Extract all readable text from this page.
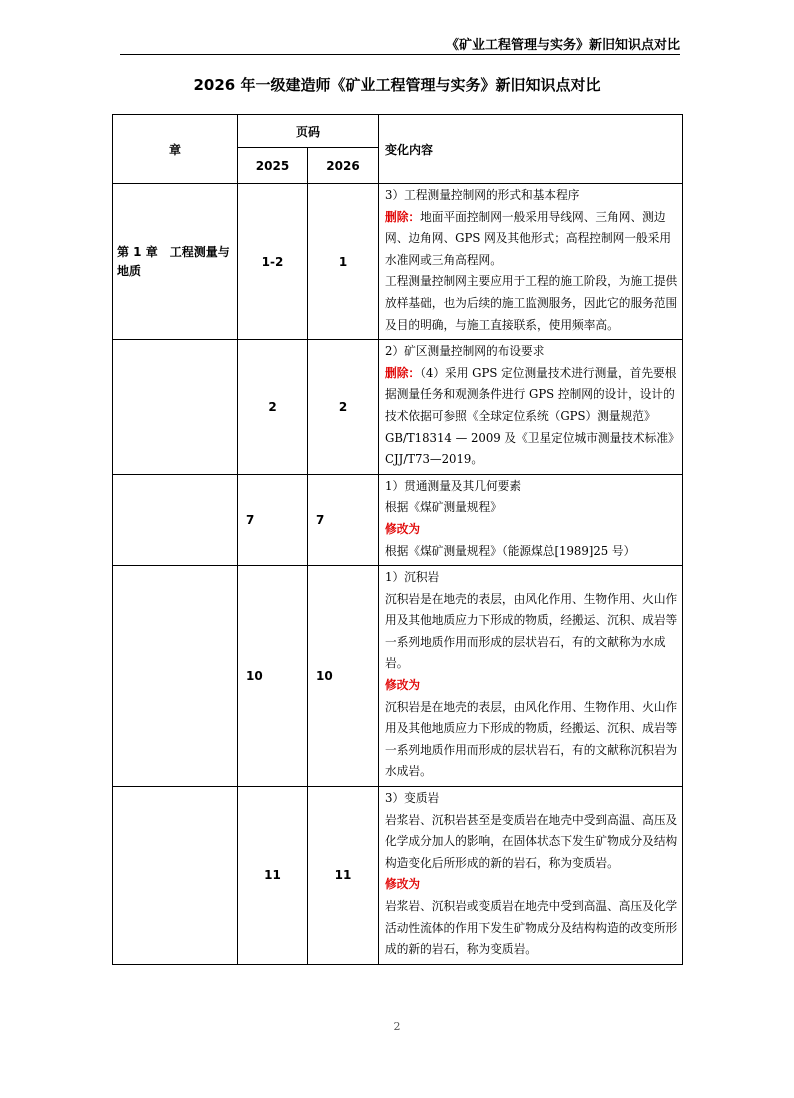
《矿业工程管理与实务》新旧知识点对比
2026 年一级建造师《矿业工程管理与实务》新旧知识点对比
章	页码		变化内容
	2025	2026	
第 1 章　工程测量与地质	1-2	1	3）工程测量控制网的形式和基本程序

删除：地面平面控制网一般采用导线网、三角网、测边网、边角网、GPS 网及其他形式；高程控制网一般采用水准网或三角高程网。

工程测量控制网主要应用于工程的施工阶段，为施工提供放样基础，也为后续的施工监测服务，因此它的服务范围及目的明确，与施工直接联系，使用频率高。

	2	2	2）矿区测量控制网的布设要求

删除：（4）采用 GPS 定位测量技术进行测量，首先要根据测量任务和观测条件进行 GPS 控制网的设计，设计的技术依据可参照《全球定位系统（GPS）测量规范》GB/T18314 — 2009 及《卫星定位城市测量技术标准》CJJ/T73—2019。

	7	7	1）贯通测量及其几何要素

根据《煤矿测量规程》

修改为

根据《煤矿测量规程》（能源煤总[1989]25 号）

	10	10	1）沉积岩

沉积岩是在地壳的表层，由风化作用、生物作用、火山作用及其他地质应力下形成的物质，经搬运、沉积、成岩等一系列地质作用而形成的层状岩石，有的文献称为水成岩。

修改为

沉积岩是在地壳的表层，由风化作用、生物作用、火山作用及其他地质应力下形成的物质，经搬运、沉积、成岩等一系列地质作用而形成的层状岩石，有的文献称沉积岩为水成岩。

	11	11	3）变质岩

岩浆岩、沉积岩甚至是变质岩在地壳中受到高温、高压及化学成分加人的影响，在固体状态下发生矿物成分及结构构造变化后所形成的新的岩石，称为变质岩。

修改为

岩浆岩、沉积岩或变质岩在地壳中受到高温、高压及化学活动性流体的作用下发生矿物成分及结构构造的改变所形成的新的岩石，称为变质岩。

2
